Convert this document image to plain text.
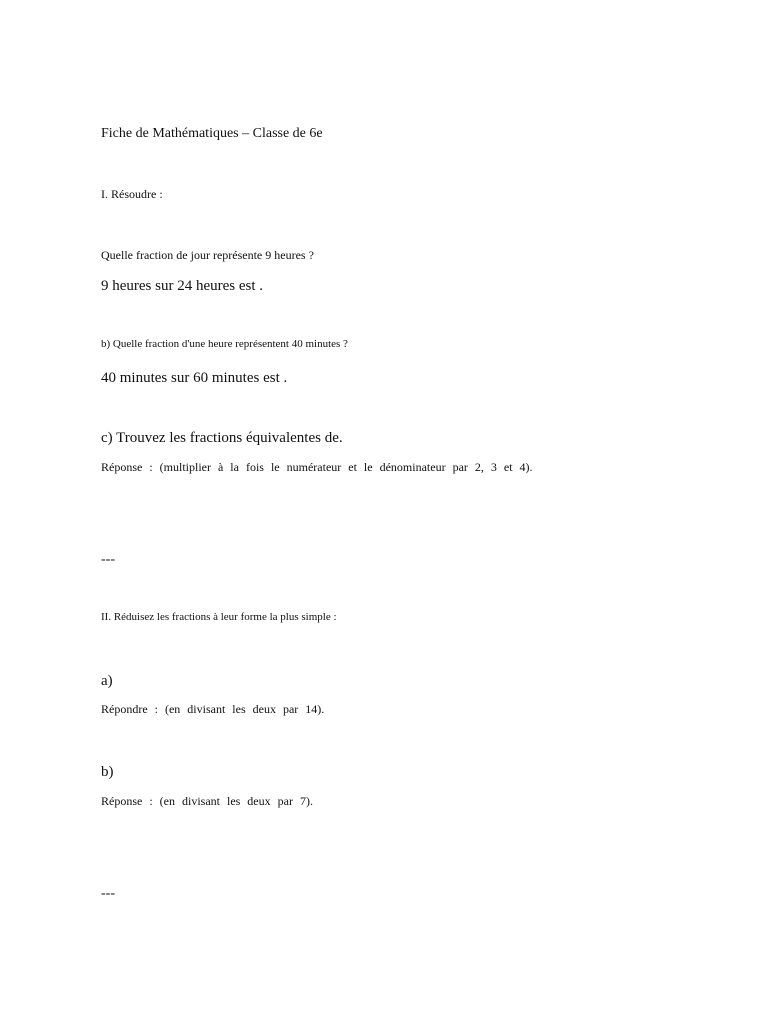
Fiche de Mathématiques – Classe de 6e
I. Résoudre :
Quelle fraction de jour représente 9 heures ?
9 heures sur 24 heures est .
b) Quelle fraction d'une heure représentent 40 minutes ?
40 minutes sur 60 minutes est .
c) Trouvez les fractions équivalentes de.
Réponse : (multiplier à la fois le numérateur et le dénominateur par 2, 3 et 4).
---
II. Réduisez les fractions à leur forme la plus simple :
a)
Répondre : (en divisant les deux par 14).
b)
Réponse : (en divisant les deux par 7).
---
